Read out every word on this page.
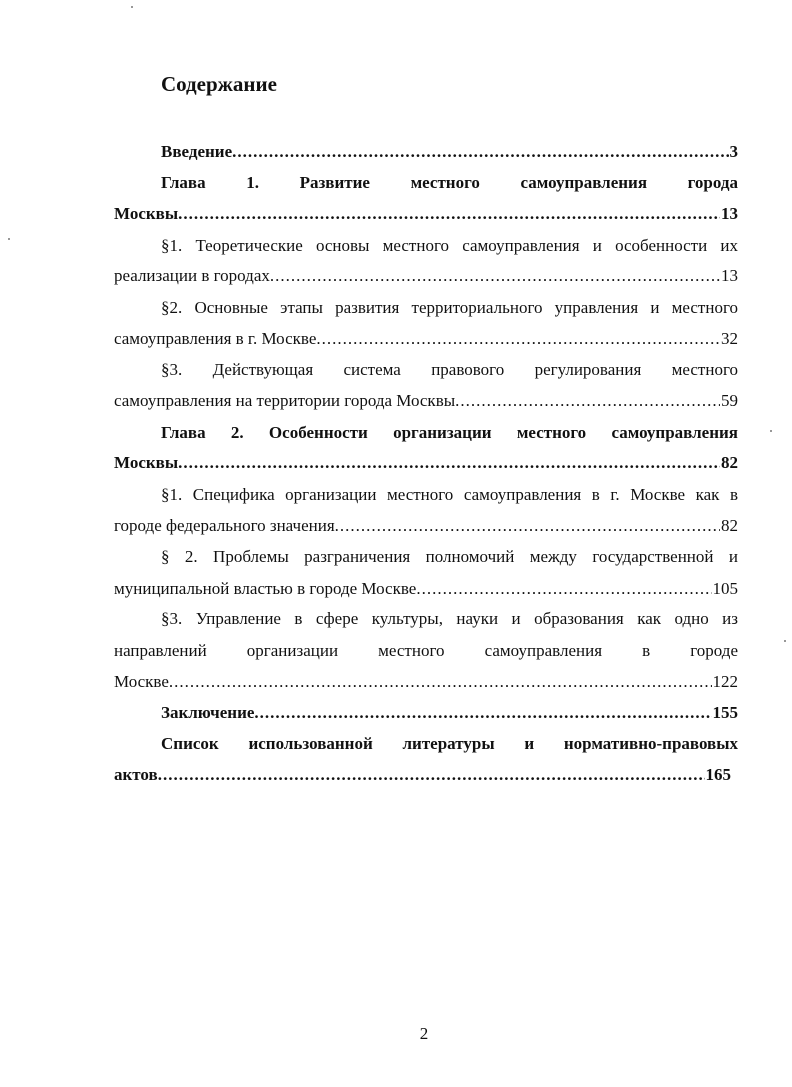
Содержание
Введение .....	3
Глава 1. Развитие местного самоуправления города
Москвы .....	13
§1. Теоретические основы местного самоуправления и особенности их
реализации в городах .....	13
§2. Основные этапы развития территориального управления и местного
самоуправления в г. Москве .....	32
§3. Действующая система правового регулирования местного
самоуправления на территории города Москвы .....	59
Глава 2. Особенности организации местного самоуправления
Москвы .....	82
§1. Специфика организации местного самоуправления в г. Москве как в
городе федерального значения .....	82
§ 2. Проблемы разграничения полномочий между государственной и
муниципальной властью в городе Москве .....	105
§3. Управление в сфере культуры, науки и образования как одно из
направлений организации местного самоуправления в городе
Москве .....	122
Заключение .....	155
Список использованной литературы и нормативно-правовых
актов .....	165
2
